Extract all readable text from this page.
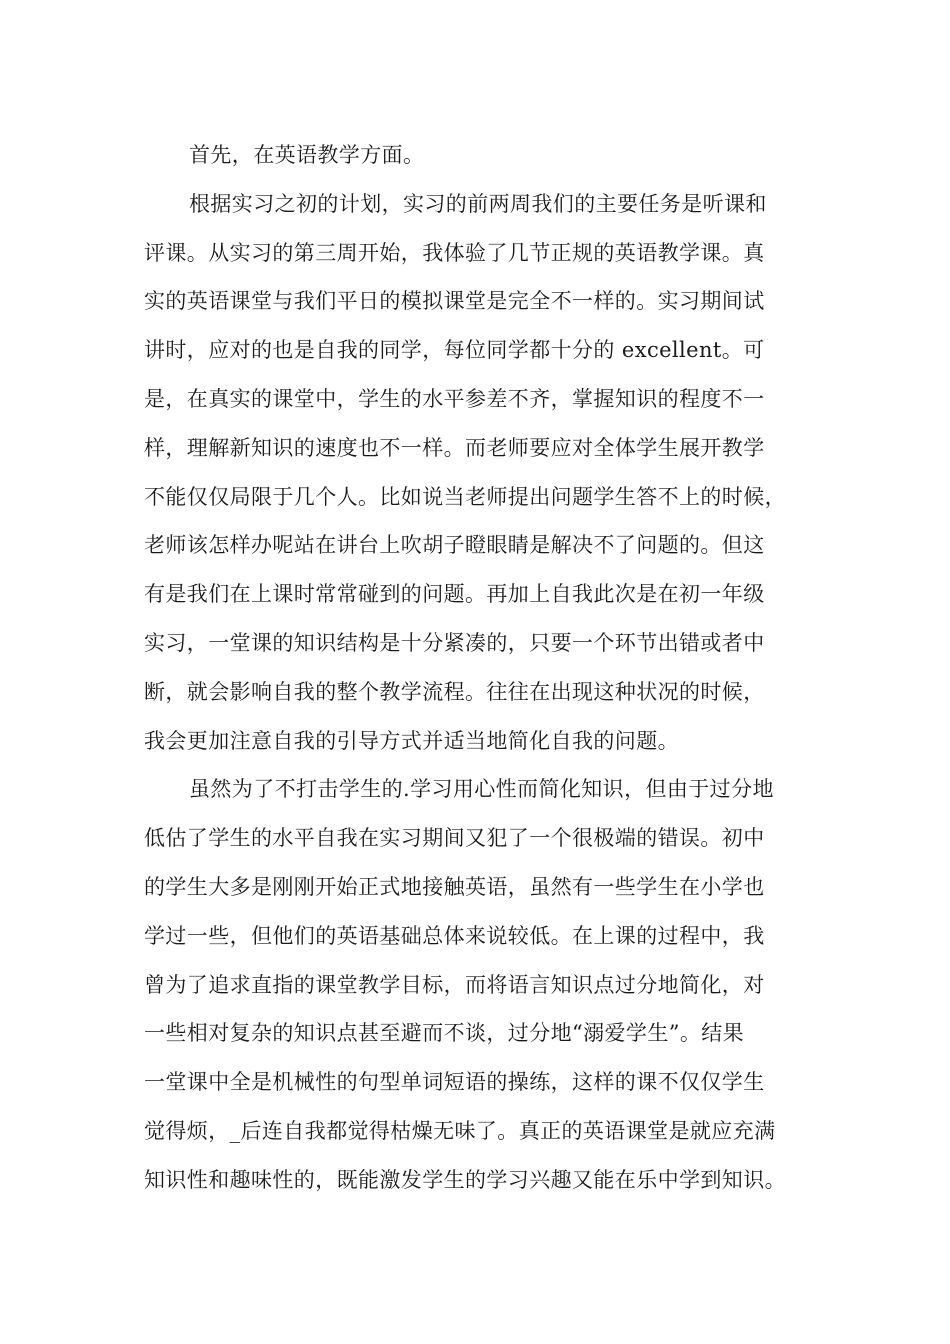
首先，在英语教学方面。
根据实习之初的计划，实习的前两周我们的主要任务是听课和
评课。从实习的第三周开始，我体验了几节正规的英语教学课。真
实的英语课堂与我们平日的模拟课堂是完全不一样的。实习期间试
讲时，应对的也是自我的同学，每位同学都十分的 excellent。可
是，在真实的课堂中，学生的水平参差不齐，掌握知识的程度不一
样，理解新知识的速度也不一样。而老师要应对全体学生展开教学
不能仅仅局限于几个人。比如说当老师提出问题学生答不上的时候，
老师该怎样办呢站在讲台上吹胡子瞪眼睛是解决不了问题的。但这
有是我们在上课时常常碰到的问题。再加上自我此次是在初一年级
实习，一堂课的知识结构是十分紧凑的，只要一个环节出错或者中
断，就会影响自我的整个教学流程。往往在出现这种状况的时候，
我会更加注意自我的引导方式并适当地简化自我的问题。
虽然为了不打击学生的.学习用心性而简化知识，但由于过分地
低估了学生的水平自我在实习期间又犯了一个很极端的错误。初中
的学生大多是刚刚开始正式地接触英语，虽然有一些学生在小学也
学过一些，但他们的英语基础总体来说较低。在上课的过程中，我
曾为了追求直指的课堂教学目标，而将语言知识点过分地简化，对
一些相对复杂的知识点甚至避而不谈，过分地“溺爱学生”。结果
一堂课中全是机械性的句型单词短语的操练，这样的课不仅仅学生
觉得烦，_后连自我都觉得枯燥无味了。真正的英语课堂是就应充满
知识性和趣味性的，既能激发学生的学习兴趣又能在乐中学到知识。
